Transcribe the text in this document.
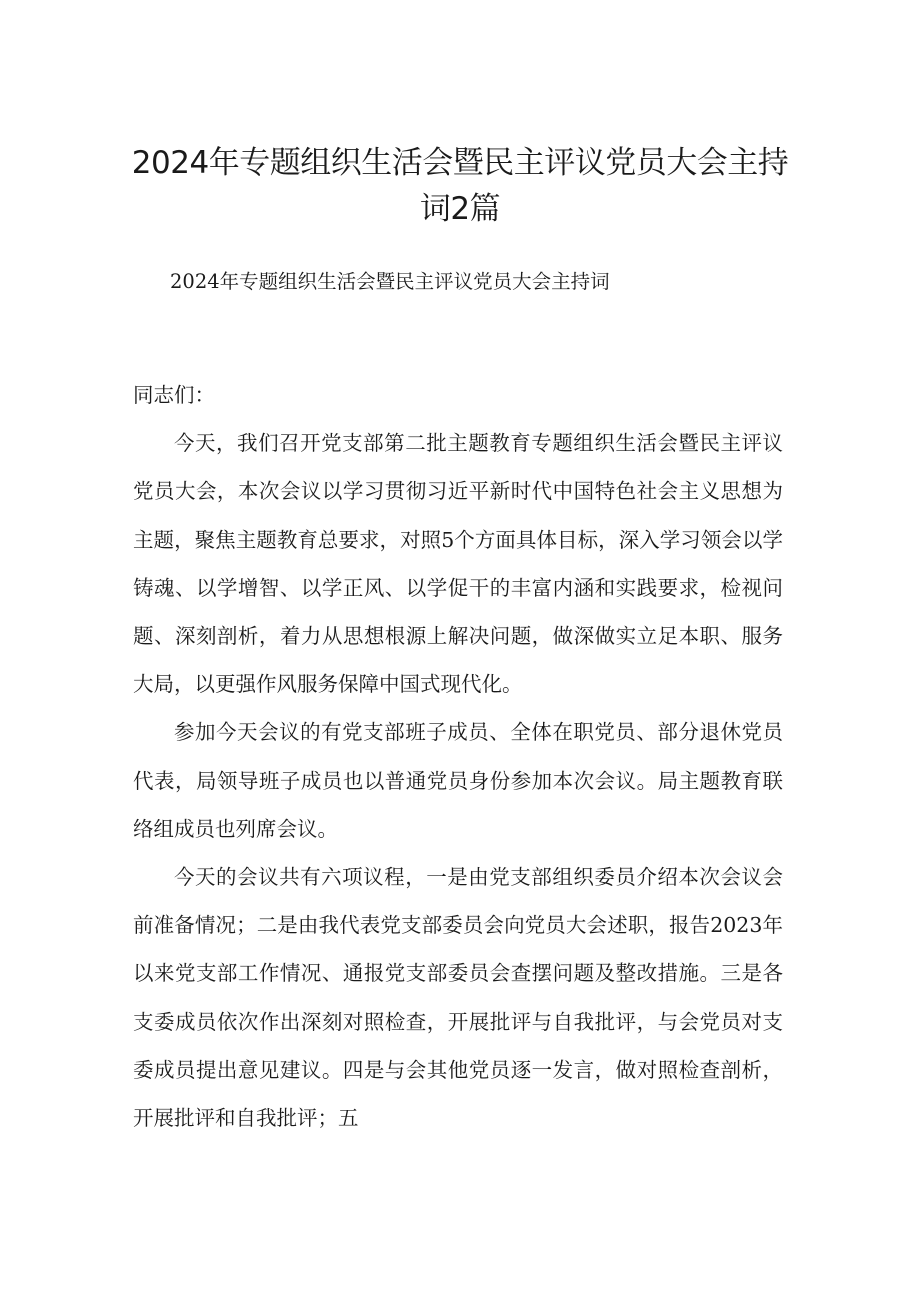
2024年专题组织生活会暨民主评议党员大会主持词2篇

2024年专题组织生活会暨民主评议党员大会主持词

同志们：

今天，我们召开党支部第二批主题教育专题组织生活会暨民主评议党员大会，本次会议以学习贯彻习近平新时代中国特色社会主义思想为主题，聚焦主题教育总要求，对照5个方面具体目标，深入学习领会以学铸魂、以学增智、以学正风、以学促干的丰富内涵和实践要求，检视问题、深刻剖析，着力从思想根源上解决问题，做深做实立足本职、服务大局，以更强作风服务保障中国式现代化。

参加今天会议的有党支部班子成员、全体在职党员、部分退休党员代表，局领导班子成员也以普通党员身份参加本次会议。局主题教育联络组成员也列席会议。

今天的会议共有六项议程，一是由党支部组织委员介绍本次会议会前准备情况；二是由我代表党支部委员会向党员大会述职，报告2023年以来党支部工作情况、通报党支部委员会查摆问题及整改措施。三是各支委成员依次作出深刻对照检查，开展批评与自我批评，与会党员对支委成员提出意见建议。四是与会其他党员逐一发言，做对照检查剖析，开展批评和自我批评；五
